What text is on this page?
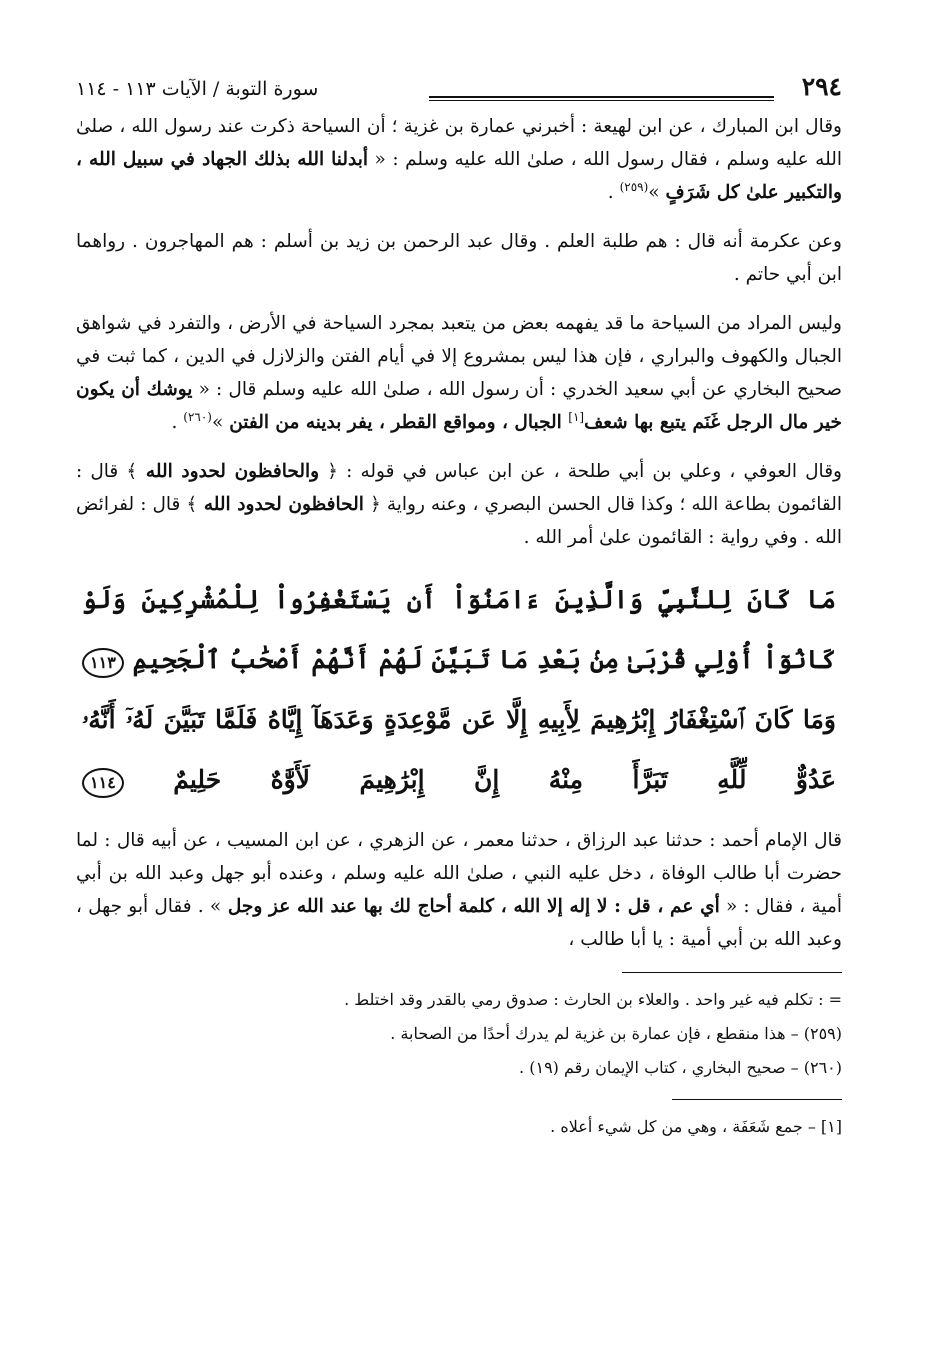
٢٩٤
سورة التوبة / الآيات ١١٣ - ١١٤

وقال ابن المبارك ، عن ابن لهيعة : أخبرني عمارة بن غزية ؛ أن السياحة ذكرت عند رسول الله ، صلىٰ الله عليه وسلم ، فقال رسول الله ، صلىٰ الله عليه وسلم : « أبدلنا الله بذلك الجهاد في سبيل الله ، والتكبير علىٰ كل شَرَفٍ »$^{(٢٥٩)}$ .

وعن عكرمة أنه قال : هم طلبة العلم . وقال عبد الرحمن بن زيد بن أسلم : هم المهاجرون . رواهما ابن أبي حاتم .

وليس المراد من السياحة ما قد يفهمه بعض من يتعبد بمجرد السياحة في الأرض ، والتفرد في شواهق الجبال والكهوف والبراري ، فإن هذا ليس بمشروع إلا في أيام الفتن والزلازل في الدين ، كما ثبت في صحيح البخاري عن أبي سعيد الخدري : أن رسول الله ، صلىٰ الله عليه وسلم قال : « يوشك أن يكون خير مال الرجل غَنَم يتبع بها شعف[١] الجبال ، ومواقع القطر ، يفر بدينه من الفتن »$^{(٢٦٠)}$ .

وقال العوفي ، وعلي بن أبي طلحة ، عن ابن عباس في قوله : ﴿ والحافظون لحدود الله ﴾ قال : القائمون بطاعة الله ؛ وكذا قال الحسن البصري ، وعنه رواية ﴿ الحافظون لحدود الله ﴾ قال : لفرائض الله . وفي رواية : القائمون علىٰ أمر الله .

مَا كَانَ لِلنَّبِيِّ وَالَّذِينَ ءَامَنُوٓاْ أَن يَسْتَغْفِرُواْ لِلْمُشْرِكِينَ وَلَوْ كَانُوٓاْ أُوْلِي قُرْبَىٰ مِنۢ بَعْدِ مَا تَبَيَّنَ لَهُمْ أَنَّهُمْ أَصْحَٰبُ ٱلْجَحِيمِ ١١٣ وَمَا كَانَ ٱسْتِغْفَارُ إِبْرَٰهِيمَ لِأَبِيهِ إِلَّا عَن مَّوْعِدَةٍ وَعَدَهَآ إِيَّاهُ فَلَمَّا تَبَيَّنَ لَهُۥٓ أَنَّهُۥ عَدُوٌّ لِّلَّهِ تَبَرَّأَ مِنْهُ إِنَّ إِبْرَٰهِيمَ لَأَوَّٰهٌ حَلِيمٌ ١١٤

قال الإمام أحمد : حدثنا عبد الرزاق ، حدثنا معمر ، عن الزهري ، عن ابن المسيب ، عن أبيه قال : لما حضرت أبا طالب الوفاة ، دخل عليه النبي ، صلىٰ الله عليه وسلم ، وعنده أبو جهل وعبد الله بن أبي أمية ، فقال : « أي عم ، قل : لا إله إلا الله ، كلمة أحاج لك بها عند الله عز وجل » . فقال أبو جهل ، وعبد الله بن أبي أمية : يا أبا طالب ،

= : تكلم فيه غير واحد . والعلاء بن الحارث : صدوق رمي بالقدر وقد اختلط .

(٢٥٩) – هذا منقطع ، فإن عمارة بن غزية لم يدرك أحدًا من الصحابة .

(٢٦٠) – صحيح البخاري ، كتاب الإيمان رقم (١٩) .

[١] – جمع شَعَفَة ، وهي من كل شيء أعلاه .
